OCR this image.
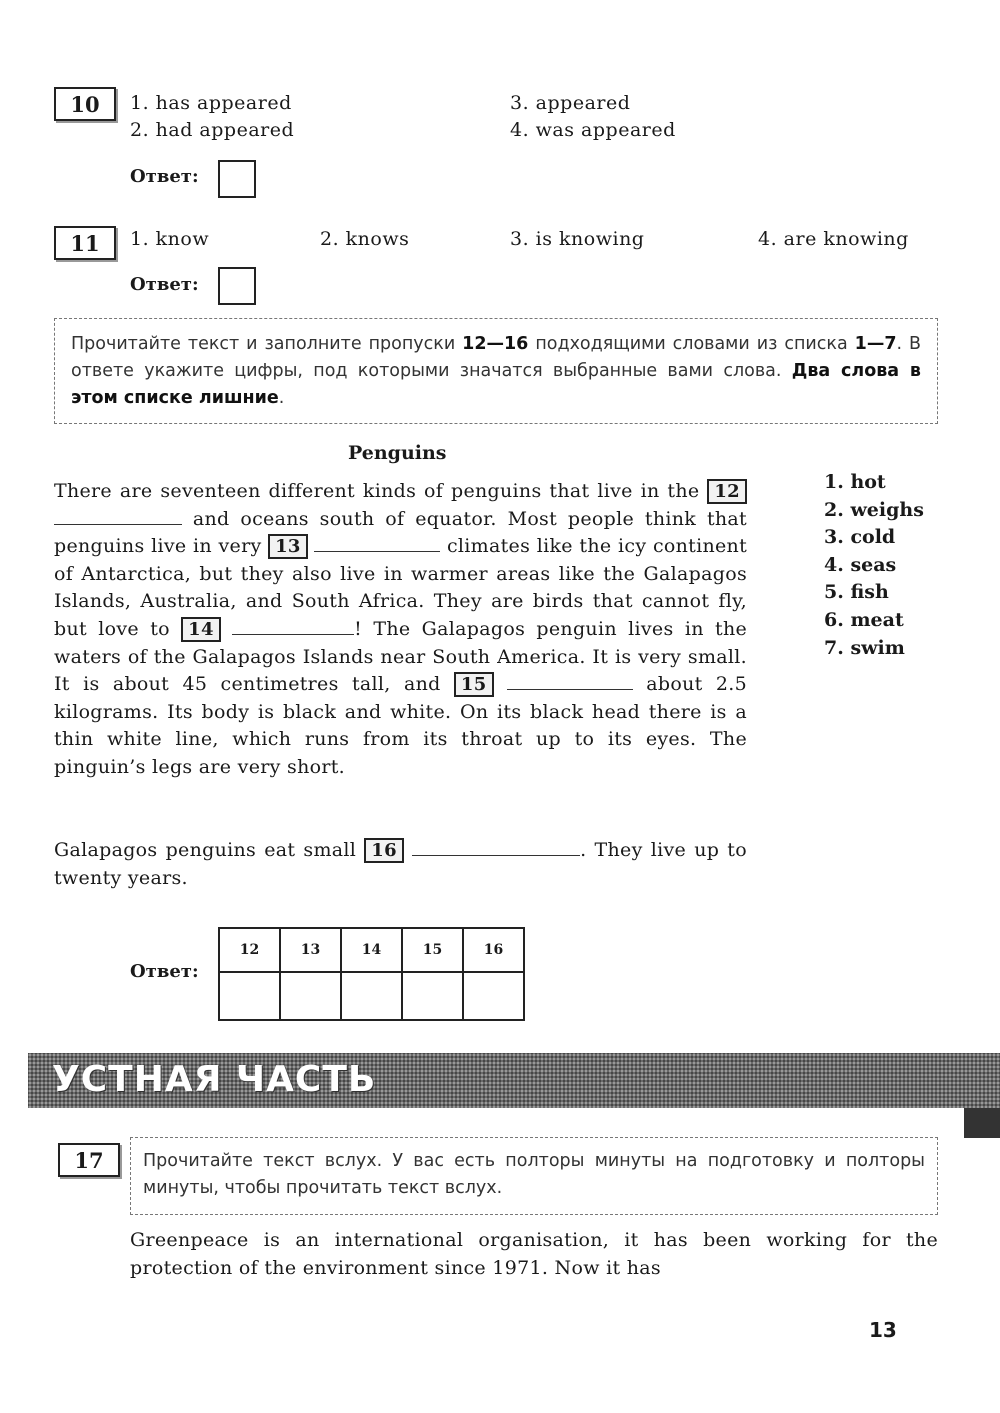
10	1. has appeared
2. had appeared
3. appeared
4. was appeared
Ответ:
11	1. know	2. knows	3. is knowing	4. are knowing
Ответ:
Прочитайте текст и заполните пропуски 12—16 подходящими словами из списка 1—7. В ответе укажите цифры, под которыми значатся выбранные вами слова. Два слова в этом списке лишние.
Penguins
There are seventeen different kinds of penguins that live in the 12  and oceans south of equator. Most people think that penguins live in very 13	climates like the icy continent of Antarctica, but they also live in warmer areas like the Galapagos Islands, Australia, and South Africa. They are birds that cannot fly, but love to 14	! The Galapagos penguin lives in the waters of the Galapagos Islands near South America. It is very small. It is about 45 centimetres tall, and 15	about 2.5 kilograms. Its body is black and white. On its black head there is a thin white line, which runs from its throat up to its eyes. The pinguin’s legs are very short.
Galapagos penguins eat small 16	. They live up to twenty years.
1. hot
2. weighs
3. cold
4. seas
5. fish
6. meat
7. swim
Ответ:
12	13	14	15	16

УСТНАЯ ЧАСТЬ
17	Прочитайте текст вслух. У вас есть полторы минуты на подготовку и полторы минуты, чтобы прочитать текст вслух.
Greenpeace is an international organisation, it has been working for the protection of the environment since 1971. Now it has
13
